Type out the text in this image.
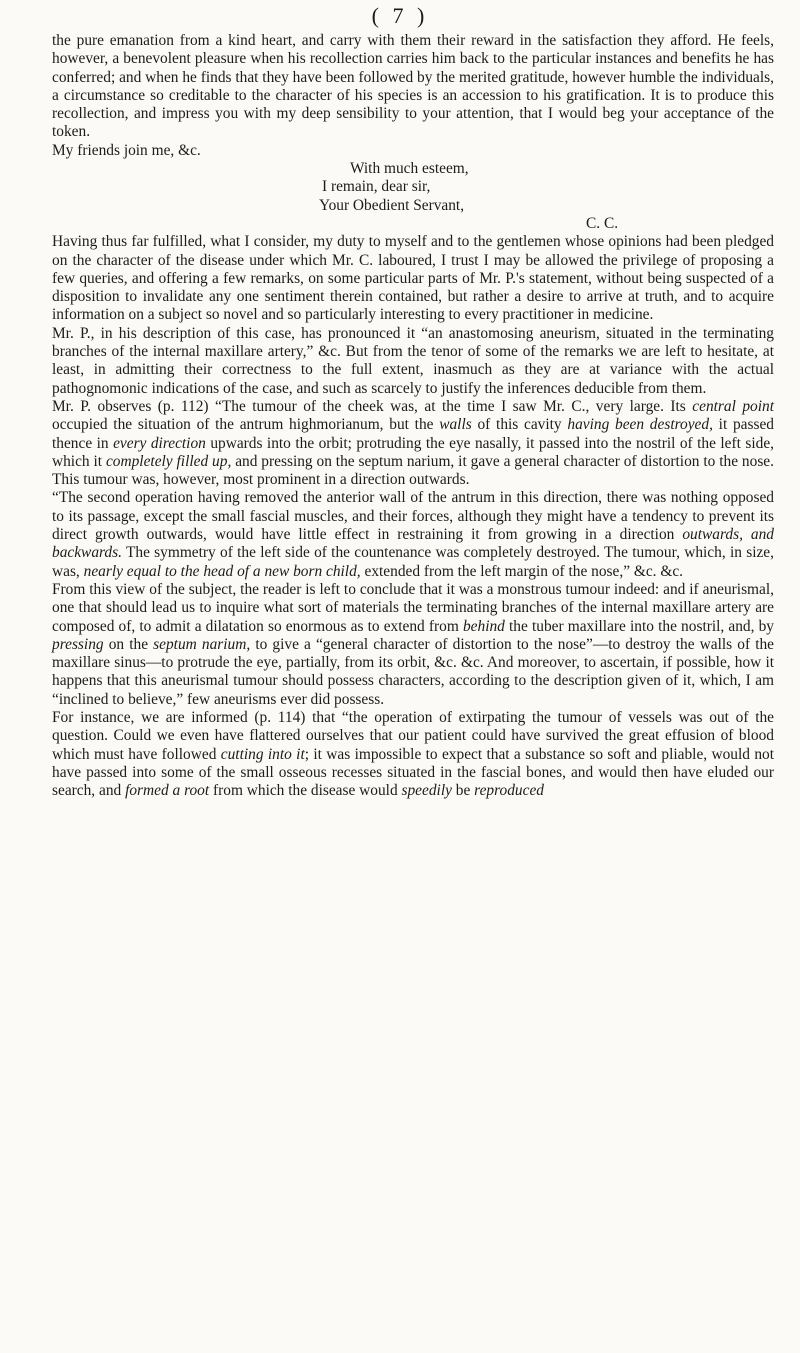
( 7 )

the pure emanation from a kind heart, and carry with them their reward in the satisfaction they afford. He feels, however, a benevolent pleasure when his recollection carries him back to the particular instances and benefits he has conferred; and when he finds that they have been followed by the merited gratitude, however humble the individuals, a circumstance so creditable to the character of his species is an accession to his gratification. It is to produce this recollection, and impress you with my deep sensibility to your attention, that I would beg your acceptance of the token.

My friends join me, &c.

With much esteem,

I remain, dear sir,

Your Obedient Servant,

C. C.

Having thus far fulfilled, what I consider, my duty to myself and to the gentlemen whose opinions had been pledged on the character of the disease under which Mr. C. laboured, I trust I may be allowed the privilege of proposing a few queries, and offering a few remarks, on some particular parts of Mr. P.'s statement, without being suspected of a disposition to invalidate any one sentiment therein contained, but rather a desire to arrive at truth, and to acquire information on a subject so novel and so particularly interesting to every practitioner in medicine.

Mr. P., in his description of this case, has pronounced it “an anastomosing aneurism, situated in the terminating branches of the internal maxillare artery,” &c. But from the tenor of some of the remarks we are left to hesitate, at least, in admitting their correctness to the full extent, inasmuch as they are at variance with the actual pathognomonic indications of the case, and such as scarcely to justify the inferences deducible from them.

Mr. P. observes (p. 112) “The tumour of the cheek was, at the time I saw Mr. C., very large. Its central point occupied the situation of the antrum highmorianum, but the walls of this cavity having been destroyed, it passed thence in every direction upwards into the orbit; protruding the eye nasally, it passed into the nostril of the left side, which it completely filled up, and pressing on the septum narium, it gave a general character of distortion to the nose. This tumour was, however, most prominent in a direction outwards.

“The second operation having removed the anterior wall of the antrum in this direction, there was nothing opposed to its passage, except the small fascial muscles, and their forces, although they might have a tendency to prevent its direct growth outwards, would have little effect in restraining it from growing in a direction outwards, and backwards. The symmetry of the left side of the countenance was completely destroyed. The tumour, which, in size, was, nearly equal to the head of a new born child, extended from the left margin of the nose,” &c. &c.

From this view of the subject, the reader is left to conclude that it was a monstrous tumour indeed: and if aneurismal, one that should lead us to inquire what sort of materials the terminating branches of the internal maxillare artery are composed of, to admit a dilatation so enormous as to extend from behind the tuber maxillare into the nostril, and, by pressing on the septum narium, to give a “general character of distortion to the nose”—to destroy the walls of the maxillare sinus—to protrude the eye, partially, from its orbit, &c. &c. And moreover, to ascertain, if possible, how it happens that this aneurismal tumour should possess characters, according to the description given of it, which, I am “inclined to believe,” few aneurisms ever did possess.

For instance, we are informed (p. 114) that “the operation of extirpating the tumour of vessels was out of the question. Could we even have flattered ourselves that our patient could have survived the great effusion of blood which must have followed cutting into it; it was impossible to expect that a substance so soft and pliable, would not have passed into some of the small osseous recesses situated in the fascial bones, and would then have eluded our search, and formed a root from which the disease would speedily be reproduced
